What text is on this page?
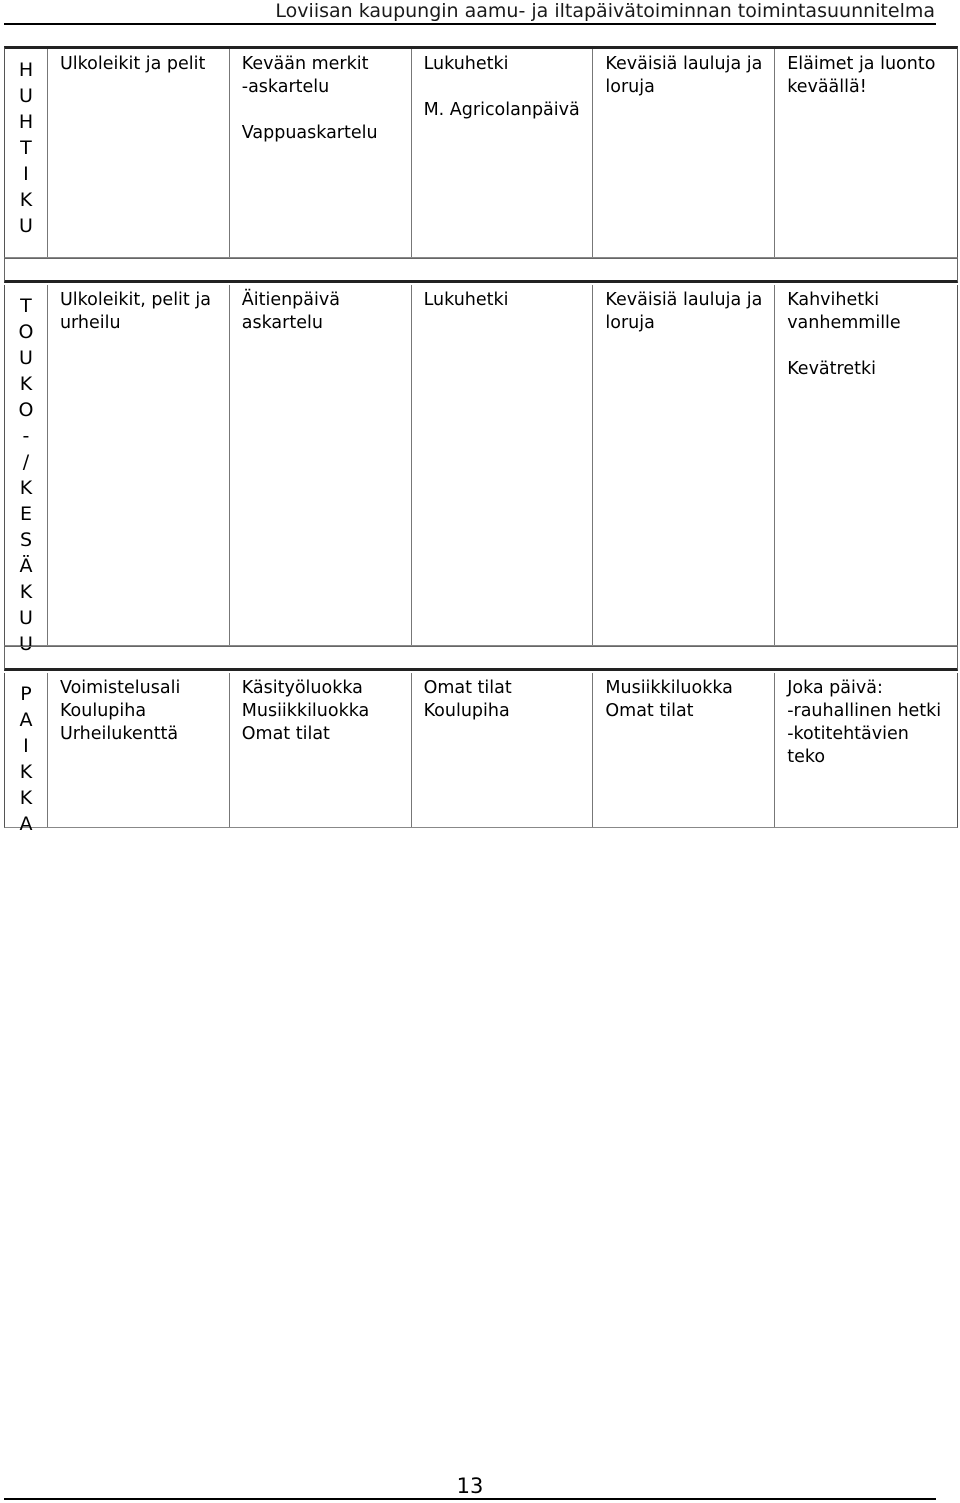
Loviisan kaupungin aamu- ja iltapäivätoiminnan toimintasuunnitelma
H
U
H
T
I
K
U

Ulkoleikit ja pelit	Kevään merkit

-askartelu

Vappuaskartelu

Lukuhetki

M. Agricolanpäivä

Keväisiä lauluja ja

loruja

Eläimet ja luonto

keväällä!

T
O
U
K
O
-
/
K
E
S
Ä
K
U
U

Ulkoleikit, pelit ja

urheilu

Äitienpäivä

askartelu

Lukuhetki	Keväisiä lauluja ja

loruja

Kahvihetki

vanhemmille

Kevätretki

P
A
I
K
K
A

Voimistelusali

Koulupiha

Urheilukenttä

Käsityöluokka

Musiikkiluokka

Omat tilat

Omat tilat

Koulupiha

Musiikkiluokka

Omat tilat

Joka päivä:

-rauhallinen hetki

-kotitehtävien teko

13
